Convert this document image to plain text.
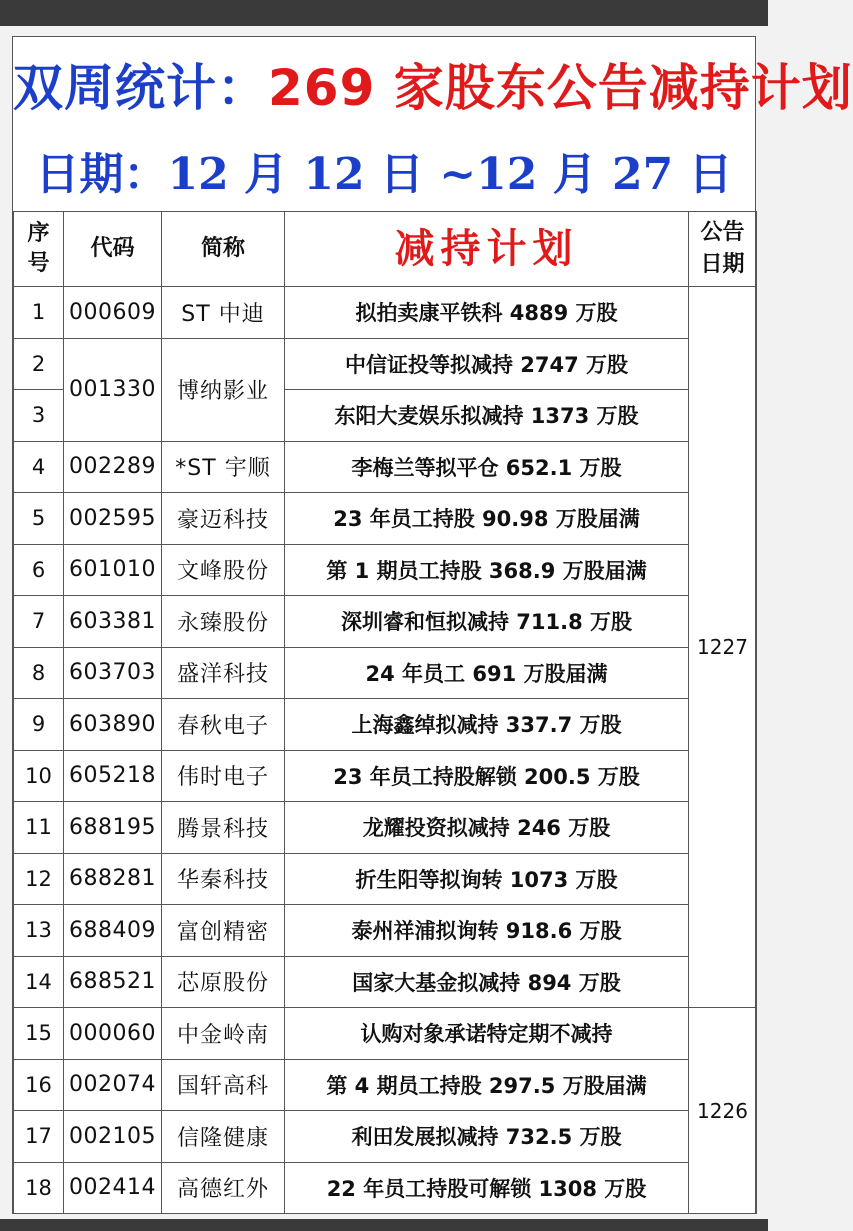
双周统计：269 家股东公告减持计划
日期：12 月 12 日 ~12 月 27 日
序号	代码	简称	减持计划	公告日期
1	000609	ST 中迪	拟拍卖康平铁科 4889 万股	1227
2	001330	博纳影业	中信证投等拟减持 2747 万股	
3			东阳大麦娱乐拟减持 1373 万股	
4	002289	*ST 宇顺	李梅兰等拟平仓 652.1 万股	
5	002595	豪迈科技	23 年员工持股 90.98 万股届满	
6	601010	文峰股份	第 1 期员工持股 368.9 万股届满	
7	603381	永臻股份	深圳睿和恒拟减持 711.8 万股	
8	603703	盛洋科技	24 年员工 691 万股届满	
9	603890	春秋电子	上海鑫绰拟减持 337.7 万股	
10	605218	伟时电子	23 年员工持股解锁 200.5 万股	
11	688195	腾景科技	龙耀投资拟减持 246 万股	
12	688281	华秦科技	折生阳等拟询转 1073 万股	
13	688409	富创精密	泰州祥浦拟询转 918.6 万股	
14	688521	芯原股份	国家大基金拟减持 894 万股	
15	000060	中金岭南	认购对象承诺特定期不减持	1226
16	002074	国轩高科	第 4 期员工持股 297.5 万股届满	
17	002105	信隆健康	利田发展拟减持 732.5 万股	
18	002414	高德红外	22 年员工持股可解锁 1308 万股	
